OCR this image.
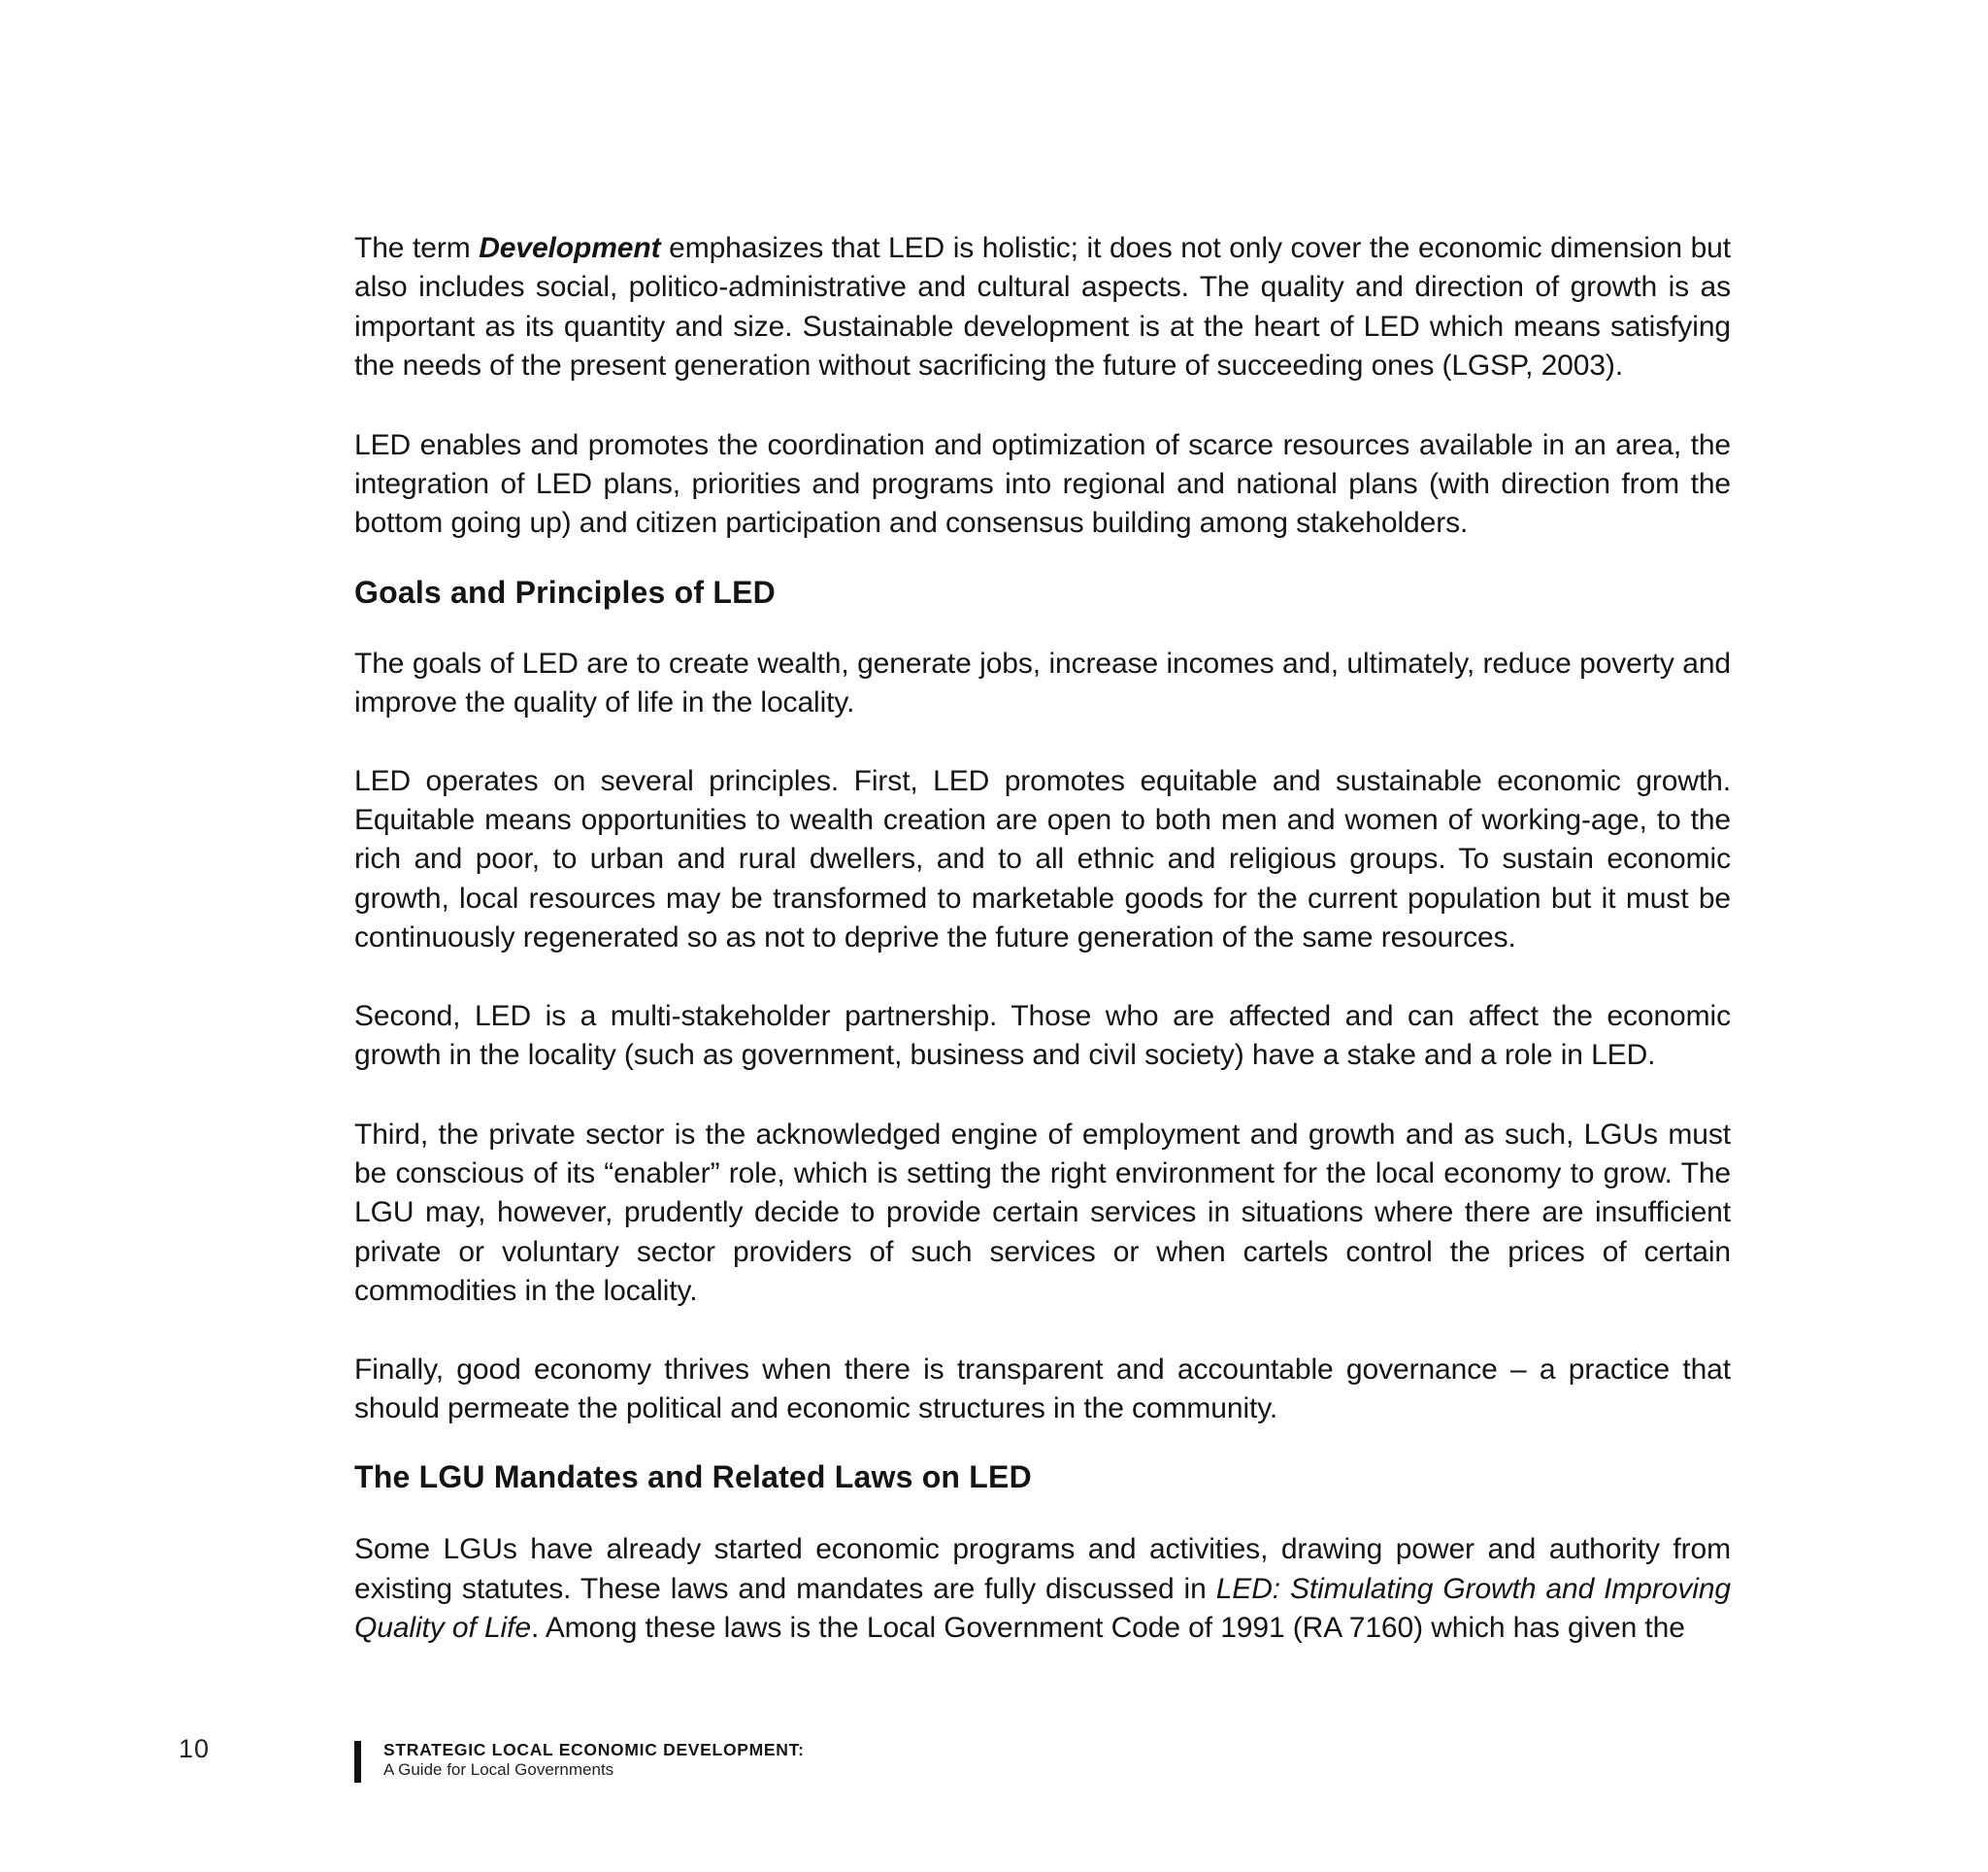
The term Development emphasizes that LED is holistic; it does not only cover the economic dimension but also includes social, politico-administrative and cultural aspects. The quality and direction of growth is as important as its quantity and size. Sustainable development is at the heart of LED which means satisfying the needs of the present generation without sacrificing the future of succeeding ones (LGSP, 2003).

LED enables and promotes the coordination and optimization of scarce resources available in an area, the integration of LED plans, priorities and programs into regional and national plans (with direction from the bottom going up) and citizen participation and consensus building among stakeholders.

Goals and Principles of LED

The goals of LED are to create wealth, generate jobs, increase incomes and, ultimately, reduce poverty and improve the quality of life in the locality.

LED operates on several principles. First, LED promotes equitable and sustainable economic growth. Equitable means opportunities to wealth creation are open to both men and women of working-age, to the rich and poor, to urban and rural dwellers, and to all ethnic and religious groups. To sustain economic growth, local resources may be transformed to marketable goods for the current population but it must be continuously regenerated so as not to deprive the future generation of the same resources.

Second, LED is a multi-stakeholder partnership. Those who are affected and can affect the economic growth in the locality (such as government, business and civil society) have a stake and a role in LED.

Third, the private sector is the acknowledged engine of employment and growth and as such, LGUs must be conscious of its “enabler” role, which is setting the right environment for the local economy to grow. The LGU may, however, prudently decide to provide certain services in situations where there are insufficient private or voluntary sector providers of such services or when cartels control the prices of certain commodities in the locality.

Finally, good economy thrives when there is transparent and accountable governance – a practice that should permeate the political and economic structures in the community.

The LGU Mandates and Related Laws on LED

Some LGUs have already started economic programs and activities, drawing power and authority from existing statutes. These laws and mandates are fully discussed in LED: Stimulating Growth and Improving Quality of Life. Among these laws is the Local Government Code of 1991 (RA 7160) which has given the

10	STRATEGIC LOCAL ECONOMIC DEVELOPMENT:
A Guide for Local Governments
